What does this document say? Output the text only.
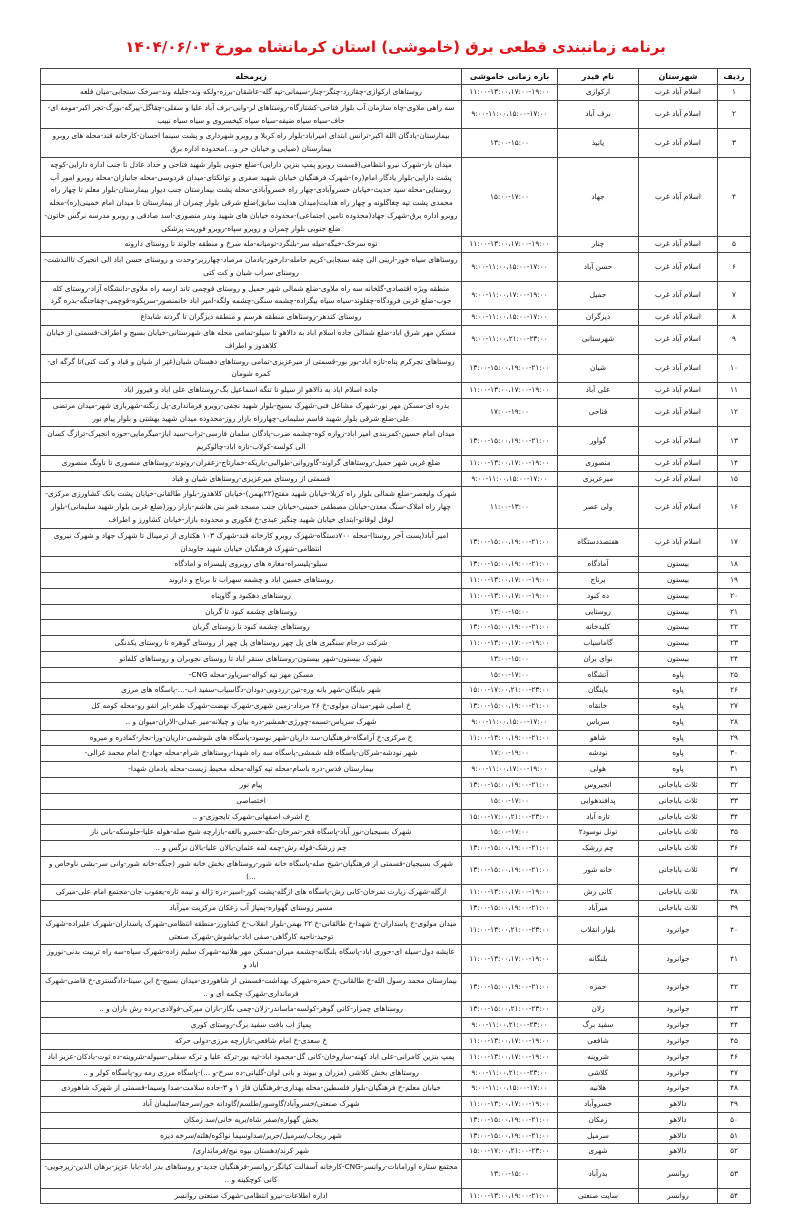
برنامه زمانبندی قطعی برق (خاموشی) استان کرمانشاه مورخ ۱۴۰۴/۰۶/۰۳
ردیف	شهرستان	نام فیدر	بازه زمانی خاموشی	زیرمحله
۱	اسلام آباد غرب	ارکوازی	۱۱:۰۰-۱۳:۰۰،۱۷:۰۰-۱۹:۰۰	روستاهای ارکوازی-چقازرد-چنگر-چنار-سیمانی-تپه گله-عاشقان-برزه-ولکه وند-جلیله وند-سرخک سنجابی-میان قلعه
۲	اسلام آباد غرب	برف آباد	۹:۰۰-۱۱:۰۰،۱۵:۰۰-۱۷:۰۰	سه راهی ملاوی-چاه سازمان آب بلوار فتاحی-کشتارگاه-روستاهای لر-وابی-برف آباد علیا و سفلی-چقاگل-پیرگه-بورگ-تجر اکبر-مومه ای-حاف-سیاه سیاه ضیفه-سیاه سیاه کیخسروی و سیاه سیاه نبیب
۳	اسلام آباد غرب	پانیذ	۱۳:۰۰-۱۵:۰۰	بیمارستان-پادگان الله اکبر-ترانس ابتدای امیراباد-بلوار راه کربلا و روبرو شهرداری و پشت سینما احسان-کارخانه قند-محله های روبرو بیمارستان (ضیایی و خیابان حر و...)محدوده اداره برق
۴	اسلام آباد غرب	جهاد	۱۵:۰۰-۱۷:۰۰	میدان بار-شهرک نیرو انتظامی(قسمت روبرو پمپ بنزین دارایی)-ضلع جنوبی بلوار شهید فتاحی و حداد عادل تا جنب اداره دارایی-کوچه پشت دارایی-بلوار یادگار امام(ره)-شهرک فرهنگیان خیابان شهید صفری و توانکتای-میدان فردوسی-محله جانبازان-محله روبرو امور آب روستایی-محله سید حدیث-خیابان خسروآبادی-چهار راه خسروآبادی-محله پشت بیمارستان جنب دیوار بیمارستان-بلوار معلم تا چهار راه محمدی پشت تپه چغاگلونه و چهار راه هدایت(میدان هدایت سابق)ضلع شرقی بلوار چمران از بیمارستان تا میدان امام خمینی(ره)-محله روبرو اداره برق-شهرک جهاد(محدوده تامین اجتماعی)-محدوده خیابان های شهید وندر منصوری-اسد صادقی و روبرو مدرسه نرگس خاتون-ضلع جنوبی بلوار چمران و روبرو سپاه-روبرو فوریت پزشکی
۵	اسلام آباد غرب	چنار	۱۱:۰۰-۱۳:۰۰،۱۷:۰۰-۱۹:۰۰	توه سرخک-خیگه-میله سر-بلنگرد-تومیانه-مله سرخ و منطقه جالوند تا روستای دارونه
۶	اسلام آباد غرب	حسن آباد	۹:۰۰-۱۱:۰۰،۱۵:۰۰-۱۷:۰۰	روستاهای سیاه خور-ارینی الی چقه سنجابی-کریم حامله-دارخور-یادمان مرصاد-چهارزبر-وحدت و روستای حسن اباد الی انجیرک تاالندشت-روستای سراب شیان و کت کتی
۷	اسلام آباد غرب	حمیل	۹:۰۰-۱۱:۰۰،۱۷:۰۰-۱۹:۰۰	منطقه ویژه اقتصادی-گلخانه سه راه ملاوی-ضلع شمالی شهر حمیل و روستای قوچمی تاند ارسه راه ملاوی-دانشگاه آزاد-روستای کله جوب-ضلع غربی فرودگاه-چقلوند-سیاه سیاه بیگزاده-چشمه سنگی-چشمه ولگه-امیر اباد خانمنصور-سرپکوه-قوچمی-چقاجنگه-بدره گرد
۸	اسلام آباد غرب	دیزگران	۹:۰۰-۱۱:۰۰،۱۵:۰۰-۱۷:۰۰	روستای کندهر-روستاهای منطقه هرسم و منطقه دیزگران تا گردنه شابداغ
۹	اسلام آباد غرب	شهرستانی	۹:۰۰-۱۱:۰۰،۲۱:۰۰-۲۳:۰۰	مسکن مهر شرق اباد-ضلع شمالی جاده اسلام اباد به دالاهو تا سیلو-تمامی محله های شهرستانی-خیابان بسیج و اطراف-قسمتی از خیابان کلاهدوز و اطراف
۱۰	اسلام آباد غرب	شیان	۱۳:۰۰-۱۵:۰۰،۱۹:۰۰-۲۱:۰۰	روستاهای تجرکرم پناه-تازه اباد-بور بور-قسمتی از میرعزیزی-تمامی روستاهای دهستان شیان(غیر از شیان و قباد و کت کتی)تا گرگه ای-کمره شومان
۱۱	اسلام آباد غرب	علی آباد	۱۱:۰۰-۱۳:۰۰،۱۷:۰۰-۱۹:۰۰	جاده اسلام اباد به دالاهو از سیلو تا تنگه اسماعیل بگ-روستاهای علی اباد و فیروز اباد
۱۲	اسلام آباد غرب	فتاحی	۱۷:۰۰-۱۹:۰۰	بدره ای-مسکن مهر نور-شهرک مشاغل فنی-شهرک بسیج-بلوار شهید نجفی-روبرو فرمانداری-پل زنگنه-شهربازی شهر-میدان مرتضی علی-ضلع شرقی بلوار شهید قاسم سلیمانی-چهارراه بازار روز-محدوده میدان شهید بهشتی و بلوار پیام نور
۱۳	اسلام آباد غرب	گواور	۱۳:۰۰-۱۵:۰۰،۱۹:۰۰-۲۱:۰۰	میدان امام حسین-کمربندی امیر اباد-زواره کوه-چشمه ضرب-پادگان سلمان فارسی-تراب-سید ایاز-میگرمایی-حوزه انجیرک-ترازگ کسان الی کولسه-کولاب-تازه اباد-چالوکریم
۱۴	اسلام آباد غرب	منصوری	۱۱:۰۰-۱۳:۰۰،۱۷:۰۰-۱۹:۰۰	ضلع غربی شهر حمیل-روستاهای گراوند-گاوروانی-طوالبی-باریکه-خمارتاج-زعفران-روتوند-روستاهای منصوری تا ناونگ منصوری
۱۵	اسلام آباد غرب	میرعزیزی	۹:۰۰-۱۱:۰۰،۱۵:۰۰-۱۷:۰۰	قسمتی از روستای میرعزیزی-روستاهای شیان و قباد
۱۶	اسلام آباد غرب	ولی عصر	۱۱:۰۰-۱۳:۰۰	شهرک ولیعصر-ضلع شمالی بلوار راه کربلا-خیابان شهید مفتح(۲۲بهمن)-خیابان کلاهدوز-بلوار طالقانی-خیابان پشت بانک کشاورزی مرکزی-چهار راه املاک-سنگ معدن-خیابان مصطفی خمینی-خیابان جنب مسجد قمر بنی هاشم-بازار روز(ضلع غربی بلوار شهید سلیمانی)-بلوار لوفل لوقاتو-ابتدای خیابان شهید چنگیز عبدی-خ فکوری و محدوده بازار-خیابان کشاورز و اطراف
۱۷	اسلام آباد غرب	هفتصددستگاه	۱۳:۰۰-۱۵:۰۰،۱۹:۰۰-۲۱:۰۰	امیر آباد(پست آخر روستا)-محله ۷۰۰دستگاه-شهرک روبرو کارخانه قند-شهرک ۱۰۳ هکتاری از ترمینال تا شهرک جهاد و شهرک نیروی انتظامی-شهرک فرهنگیان خیابان شهید جاویدان
۱۸	بیستون	آمادگاه	۱۳:۰۰-۱۵:۰۰،۱۹:۰۰-۲۱:۰۰	سیلو-پلیسراه-مغازه های روبروی پلیسراه و امادگاه
۱۹	بیستون	برناج	۱۱:۰۰-۱۳:۰۰،۱۷:۰۰-۱۹:۰۰	روستاهای حسین اباد و چشمه سهراب تا برناج و داروند
۲۰	بیستون	ده کبود	۱۱:۰۰-۱۳:۰۰،۱۷:۰۰-۱۹:۰۰	روستاهای دهکبود و گاوپناه
۲۱	بیستون	روستایی	۱۳:۰۰-۱۵:۰۰	روستاهای چشمه کبود تا گربان
۲۲	بیستون	کلیدخانه	۱۳:۰۰-۱۵:۰۰،۱۹:۰۰-۲۱:۰۰	روستاهای چشمه کبود تا روستای گربان
۲۳	بیستون	گاماسیاب	۱۱:۰۰-۱۳:۰۰،۱۷:۰۰-۱۹:۰۰	شرکت درجام سنگبری های پل چهر روستاهای پل چهر از روستای گوهره تا روستای یکدنگی
۲۴	بیستون	نوای بران	۱۳:۰۰-۱۵:۰۰	شهرک بیستون-شهر بیستون-روستاهای سنقر اباد تا روستای نجوبران و روستاهای کلفاتو
۲۵	پاوه	آتشگاه	۱۵:۰۰-۱۷:۰۰	مسکن مهر تپه کواله-سریاور-محله CNG-
۲۶	پاوه	باینگان	۱۵:۰۰-۱۷:۰۰،۲۱:۰۰-۲۳:۰۰	شهر باینگان-شهر بانه وره-تین-زردویی-دودان-دگاسیاب-سفید اب-...-پاسگاه های مرزی
۲۷	پاوه	خانقاه	۱۳:۰۰-۱۵:۰۰،۱۹:۰۰-۲۱:۰۰	خ اصلی شهر-میدان مولوی-خ ۲۶ مرداد-زمین شهری-شهرک نهضت-شهرک ظفر-ابر انفو رو-محله کومه کل
۲۸	پاوه	سریاس	۹:۰۰-۱۱:۰۰،۱۵:۰۰-۱۷:۰۰	شهرک سریاس-تسمه-چورژی-همشیر-دره بیان و چیلانه-میر عبدلی-الاران-میوان و ..
۲۹	پاوه	شاهو	۱۱:۰۰-۱۳:۰۰،۱۹:۰۰-۲۱:۰۰	خ مرکزی-خ آرامگاه-فرهنگیان-سد داریان-شهر نوسود-پاسگاه های شوشمی-داریان-ورا-نجار-کمادره و میروه
۳۰	پاوه	نودشه	۱۷:۰۰-۱۹:۰۰	شهر نودشه-شرکان-پاسگاه قله شمشی-پاسگاه سه راه شهدا-روستاهای شرام-محله جهاد-خ امام محمد غزالی-
۳۱	پاوه	هولی	۹:۰۰-۱۱:۰۰،۱۷:۰۰-۱۹:۰۰	بیمارستان قدس-دره باسام-محله تپه کواله-محله محیط زیست-محله یادمان شهدا-
۳۲	ثلاث باباجانی	انجیروس	۱۳:۰۰-۱۵:۰۰،۱۹:۰۰-۲۱:۰۰	پیام نور
۳۳	ثلاث باباجانی	پدافندهوایی	۱۵:۰۰-۱۷:۰۰	اختصاصی
۳۴	ثلاث باباجانی	تازه آباد	۱۵:۰۰-۱۷:۰۰،۲۱:۰۰-۲۳:۰۰	خ اشرف اصفهانی-شهرک تایجوزی-و ..
۳۵	ثلاث باباجانی	تونل نوسود۲	۱۵:۰۰-۱۷:۰۰	شهرک بسیجیان-نور آباد-پاسگاه قجر-تمرخان-تگه-خسرو بالغه-بازارچه شیخ صله-هوله علیا-جلوسکه-بانی ناز
۳۶	ثلاث باباجانی	چم زرشک	۱۳:۰۰-۱۵:۰۰،۱۹:۰۰-۲۱:۰۰	چم زرشک-قوله رش-چمه لمه عثمان-بالان علیا-بالان نرگس و ..
۳۷	ثلاث باباجانی	خانه شور	۱۳:۰۰-۱۵:۰۰،۱۹:۰۰-۲۱:۰۰	شهرک بسیجیان-قسمتی از فرهنگیان-شیخ صله-پاسگاه خانه شور-روستاهای بخش خانه شور (جنگه-خانه شور-وانی سر-بشی ناوخاص و ...)
۳۸	ثلاث باباجانی	کانی رش	۱۱:۰۰-۱۳:۰۰،۱۷:۰۰-۱۹:۰۰	ازگله-شهرک زیارت تمرخان-کانی رش-پاسگاه های ازگله-پشت کور-اسیر-دره ژاله و نیمه ثاره-یعقوب جان-مجتمع امام علی-میرکی
۳۹	ثلاث باباجانی	میرآباد	۱۳:۰۰-۱۵:۰۰،۱۹:۰۰-۲۱:۰۰	مسیر روستای گهواره-پمپاژ آب زعکان مرکزیت میرآباد
۴۰	جوانرود	بلوار انقلاب	۱۱:۰۰-۱۳:۰۰،۲۱:۰۰-۲۳:۰۰	میدان مولوی-خ پاسداران-خ شهدا-خ طالقانی-خ ۲۲ بهمن-بلوار انقلاب-خ کشاورز-منطقه انتظامی-شهرک پاسداران-شهرک علیزاده-شهرک توحید-ناحیه کارگاهی-صفی اباد-بیاشوش-شهرک صنعتی
۴۱	جوانرود	بلنگانه	۱۱:۰۰-۱۳:۰۰،۱۷:۰۰-۱۹:۰۰	عایشه دول-سیله ای-حوری اباد-پاسگاه بلنگانه-چشمه میران-مسکن مهر هلانیه-شهرک سلیم زاده-شهرک سپاه-سه راه تربیت بدنی-نوروز اباد و
۴۲	جوانرود	حمزه	۱۳:۰۰-۱۵:۰۰،۱۹:۰۰-۲۱:۰۰	بیمارستان محمد رسول الله-خ طالقانی-خ حمزه-شهرک بهداشت-قسمتی از شاهوردی-میدان بسیج-خ ابن سینا-دادگستری-خ قاضی-شهرک فرمانداری-شهرک چکمه ای و ..
۴۳	جوانرود	زلان	۱۳:۰۰-۱۵:۰۰،۲۱:۰۰-۲۳:۰۰	روستاهای چمزار-کانی گوهر-کولسه-ماساندر-زلان-چمی بگار-بازان میرکی-فولادی-برده رش بازان و ..
۴۴	جوانرود	سفید برگ	۹:۰۰-۱۱:۰۰،۲۱:۰۰-۲۳:۰۰	پمپاژ اب بافت سفید برگ-روستای کوری
۴۵	جوانرود	شافعی	۱۱:۰۰-۱۳:۰۰،۱۷:۰۰-۱۹:۰۰	خ سعدی-خ امام شافعی-بازارچه مرزی-دولی حرکه
۴۶	جوانرود	شروینه	۱۱:۰۰-۱۳:۰۰،۱۷:۰۰-۱۹:۰۰	پمپ بنزین کامرانی-علی اباد کهنه-ساروخان-کانی گل-محمود اباد-تپه بور-ترکه علیا و ترکه سفلی-سیوله-شروینه-ده توت-بادکان-عزیز اباد
۴۷	جوانرود	کلاشی	۹:۰۰-۱۱:۰۰،۲۱:۰۰-۲۳:۰۰	روستاهای بخش کلاشی (مزران و بیوند و بانی لوان-گلیانی-ده سرخ-و ...)-پاسگاه مرزی رمه رو-پاسگاه کولر و ..
۴۸	جوانرود	هلانیه	۹:۰۰-۱۱:۰۰،۱۵:۰۰-۱۷:۰۰	خیابان معلم-خ فرهنگیان-بلوار فلسطین-محله بهداری-فرهنگیان فاز ۱ و ۳-جاده سلامت-صدا وسیما-قسمتی از شهرک شاهوردی
۴۹	دالاهو	خسروآباد	۱۱:۰۰-۱۳:۰۰،۱۷:۰۰-۱۹:۰۰	شهرک صنعتی/خسروآباد/گاوسور/طلسم/گاودانه خور/سرجقا/سلیمان آباد
۵۰	دالاهو	زمکان	۱۳:۰۰-۱۵:۰۰،۱۹:۰۰-۲۱:۰۰	بخش گهواره/صفر شاه/بریه خانی/سد زمکان
۵۱	دالاهو	سرمیل	۱۳:۰۰-۱۵:۰۰،۱۹:۰۰-۲۱:۰۰	شهر ریجاب/سرمیل/حریر/صداوسیما نواکوه/هلته/سرخه دیزه
۵۲	دالاهو	شهری	۱۵:۰۰-۱۷:۰۰،۲۱:۰۰-۲۳:۰۰	شهر کرند/دهستان بیوه نیج/فرمانداری/
۵۳	روانسر	بدرآباد	۱۳:۰۰-۱۵:۰۰	مجتمع ستاره اورامانات-روانسر-CNG-کارخانه آسفالت کیانگر-روانسر-فرهنگیان جدید-و روستاهای بدر اباد-بابا عزیز-برهان الدین-زیرجویی-کانی کوچکینه و ..
۵۴	روانسر	سایت صنعتی	۱۱:۰۰-۱۳:۰۰،۱۹:۰۰-۲۱:۰۰	اداره اطلاعات-نیرو انتظامی-شهرک صنعتی روانسر
